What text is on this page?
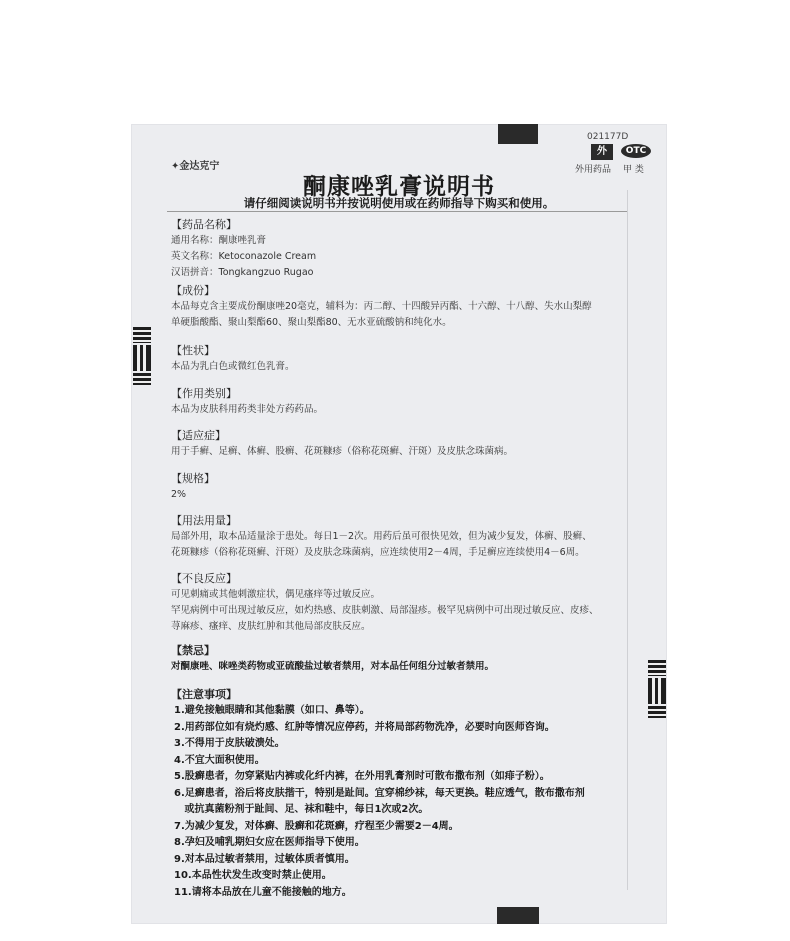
021177D
外	OTC
外用药品 甲 类
✦金达克宁
酮康唑乳膏说明书
请仔细阅读说明书并按说明使用或在药师指导下购买和使用。
【药品名称】
通用名称：酮康唑乳膏
英文名称：Ketoconazole Cream
汉语拼音：Tongkangzuo Rugao
【成份】
本品每克含主要成份酮康唑20毫克，辅料为：丙二醇、十四酸异丙酯、十六醇、十八醇、失水山梨醇
单硬脂酸酯、聚山梨酯60、聚山梨酯80、无水亚硫酸钠和纯化水。
【性状】
本品为乳白色或微红色乳膏。
【作用类别】
本品为皮肤科用药类非处方药药品。
【适应症】
用于手癣、足癣、体癣、股癣、花斑糠疹（俗称花斑癣、汗斑）及皮肤念珠菌病。
【规格】
2%
【用法用量】
局部外用，取本品适量涂于患处。每日1－2次。用药后虽可很快见效，但为减少复发，体癣、股癣、
花斑糠疹（俗称花斑癣、汗斑）及皮肤念珠菌病，应连续使用2－4周，手足癣应连续使用4－6周。
【不良反应】
可见刺痛或其他刺激症状，偶见瘙痒等过敏反应。
罕见病例中可出现过敏反应，如灼热感、皮肤刺激、局部湿疹。极罕见病例中可出现过敏反应、皮疹、
荨麻疹、瘙痒、皮肤红肿和其他局部皮肤反应。
【禁忌】
对酮康唑、咪唑类药物或亚硫酸盐过敏者禁用，对本品任何组分过敏者禁用。
【注意事项】
1.避免接触眼睛和其他黏膜（如口、鼻等）。
2.用药部位如有烧灼感、红肿等情况应停药，并将局部药物洗净，必要时向医师咨询。
3.不得用于皮肤破溃处。
4.不宜大面积使用。
5.股癣患者，勿穿紧贴内裤或化纤内裤，在外用乳膏剂时可散布撒布剂（如痱子粉）。
6.足癣患者，浴后将皮肤揩干，特别是趾间。宜穿棉纱袜，每天更换。鞋应透气，散布撒布剂
或抗真菌粉剂于趾间、足、袜和鞋中，每日1次或2次。
7.为减少复发，对体癣、股癣和花斑癣，疗程至少需要2－4周。
8.孕妇及哺乳期妇女应在医师指导下使用。
9.对本品过敏者禁用，过敏体质者慎用。
10.本品性状发生改变时禁止使用。
11.请将本品放在儿童不能接触的地方。
